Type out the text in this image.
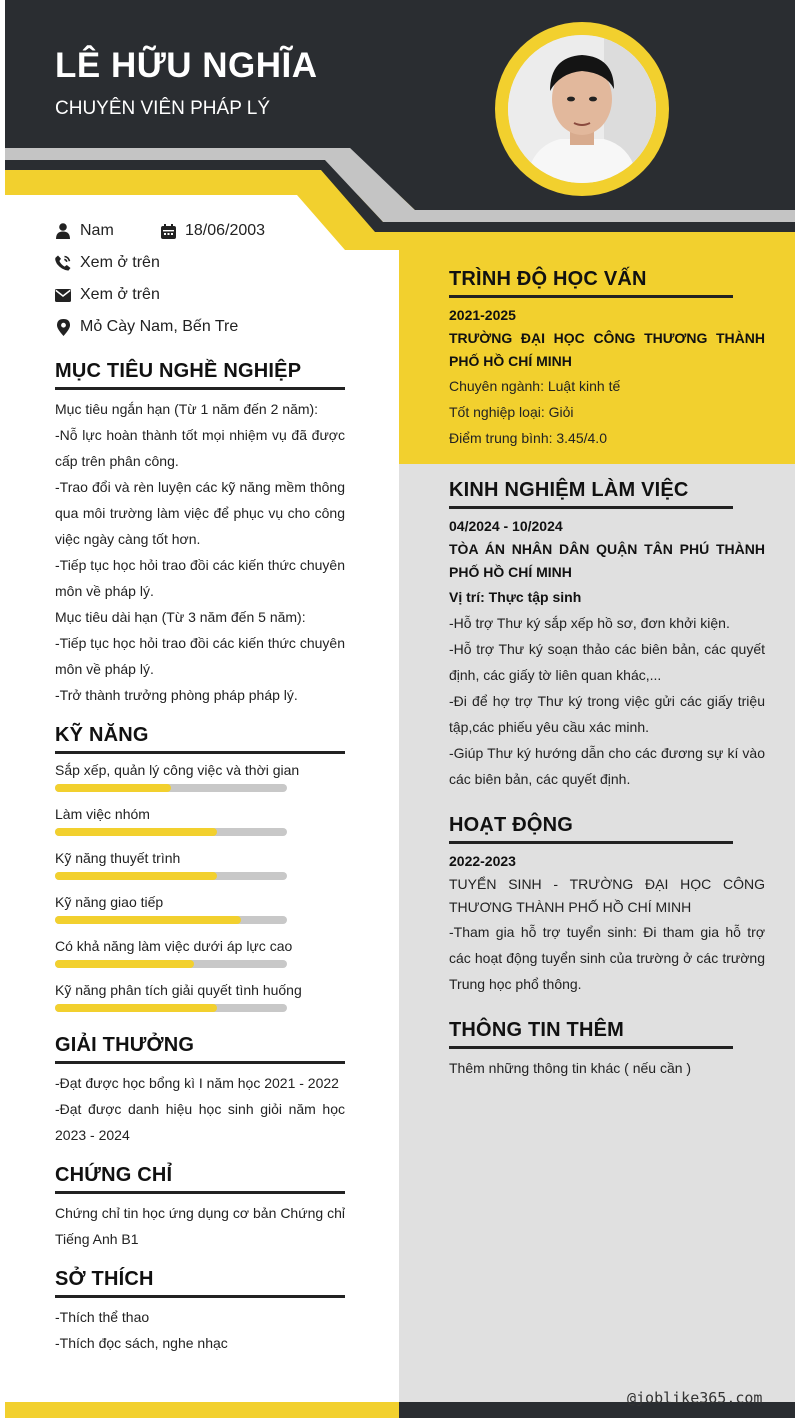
LÊ HỮU NGHĨA
CHUYÊN VIÊN PHÁP LÝ
Nam	18/06/2003
Xem ở trên
Xem ở trên
Mỏ Cày Nam, Bến Tre
MỤC TIÊU NGHỀ NGHIỆP

Mục tiêu ngắn hạn (Từ 1 năm đến 2 năm):

-Nỗ lực hoàn thành tốt mọi nhiệm vụ đã được cấp trên phân công.

-Trao đổi và rèn luyện các kỹ năng mềm thông qua môi trường làm việc để phục vụ cho công việc ngày càng tốt hơn.

-Tiếp tục học hỏi trao đồi các kiến thức chuyên môn về pháp lý.

Mục tiêu dài hạn (Từ 3 năm đến 5 năm):

-Tiếp tục học hỏi trao đồi các kiến thức chuyên môn về pháp lý.

-Trở thành trưởng phòng pháp pháp lý.

KỸ NĂNG
Sắp xếp, quản lý công việc và thời gian
Làm việc nhóm
Kỹ năng thuyết trình
Kỹ năng giao tiếp
Có khả năng làm việc dưới áp lực cao
Kỹ năng phân tích giải quyết tình huống
GIẢI THƯỞNG

-Đạt được học bổng kì I năm học 2021 - 2022

-Đạt được danh hiệu học sinh giỏi năm học 2023 - 2024

CHỨNG CHỈ

Chứng chỉ tin học ứng dụng cơ bản Chứng chỉ Tiếng Anh B1

SỞ THÍCH

-Thích thể thao

-Thích đọc sách, nghe nhạc

TRÌNH ĐỘ HỌC VẤN

2021-2025

TRƯỜNG ĐẠI HỌC CÔNG THƯƠNG THÀNH PHỐ HỒ CHÍ MINH

Chuyên ngành: Luật kinh tế

Tốt nghiệp loại: Giỏi

Điểm trung bình: 3.45/4.0

KINH NGHIỆM LÀM VIỆC

04/2024 - 10/2024

TÒA ÁN NHÂN DÂN QUẬN TÂN PHÚ THÀNH PHỐ HỒ CHÍ MINH

Vị trí: Thực tập sinh

-Hỗ trợ Thư ký sắp xếp hồ sơ, đơn khởi kiện.

-Hỗ trợ Thư ký soạn thảo các biên bản, các quyết định, các giấy tờ liên quan khác,...

-Đi để hợ trợ Thư ký trong việc gửi các giấy triệu tập,các phiếu yêu cầu xác minh.

-Giúp Thư ký hướng dẫn cho các đương sự kí vào các biên bản, các quyết định.

HOẠT ĐỘNG

2022-2023

TUYỂN SINH - TRƯỜNG ĐẠI HỌC CÔNG THƯƠNG THÀNH PHỐ HỒ CHÍ MINH

-Tham gia hỗ trợ tuyển sinh: Đi tham gia hỗ trợ các hoạt động tuyển sinh của trường ở các trường Trung học phổ thông.

THÔNG TIN THÊM

Thêm những thông tin khác ( nếu cần )

@joblike365.com
